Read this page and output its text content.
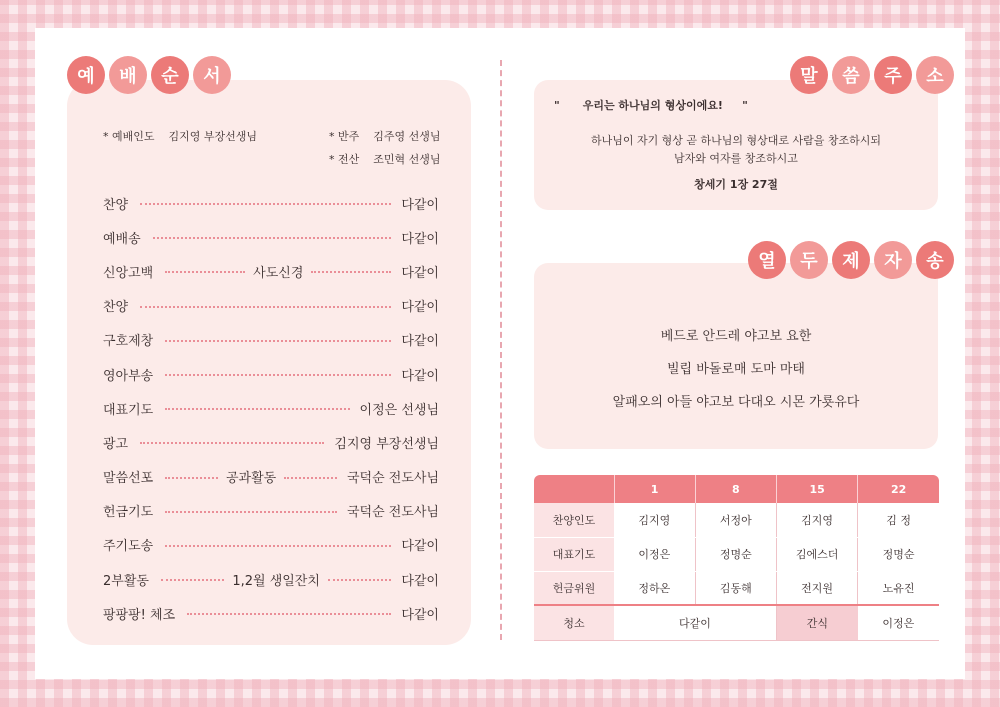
예	배	순	서
* 예배인도 김지영 부장선생님	* 반주 김주영 선생님
* 전산 조민혁 선생님
찬양	다같이
예배송	다같이
신앙고백	사도신경	다같이
찬양	다같이
구호제창	다같이
영아부송	다같이
대표기도	이정은 선생님
광고	김지영 부장선생님
말씀선포	공과활동	국덕순 전도사님
헌금기도	국덕순 전도사님
주기도송	다같이
2부활동	1,2월 생일잔치	다같이
팡팡팡! 체조	다같이
" 우리는 하나님의 형상이에요! "
하나님이 자기 형상 곧 하나님의 형상대로 사람을 창조하시되
남자와 여자를 창조하시고
창세기 1장 27절
말	씀	주	소
베드로 안드레 야고보 요한
빌립 바돌로매 도마 마태
알패오의 아들 야고보 다대오 시몬 가룟유다
열	두	제	자	송
	1	8	15	22
찬양인도	김지영	서정아	김지영	김 정
대표기도	이정은	정명순	김에스더	정명순
헌금위원	정하온	김동해	전지원	노유진
청소	다같이		간식	이정은
